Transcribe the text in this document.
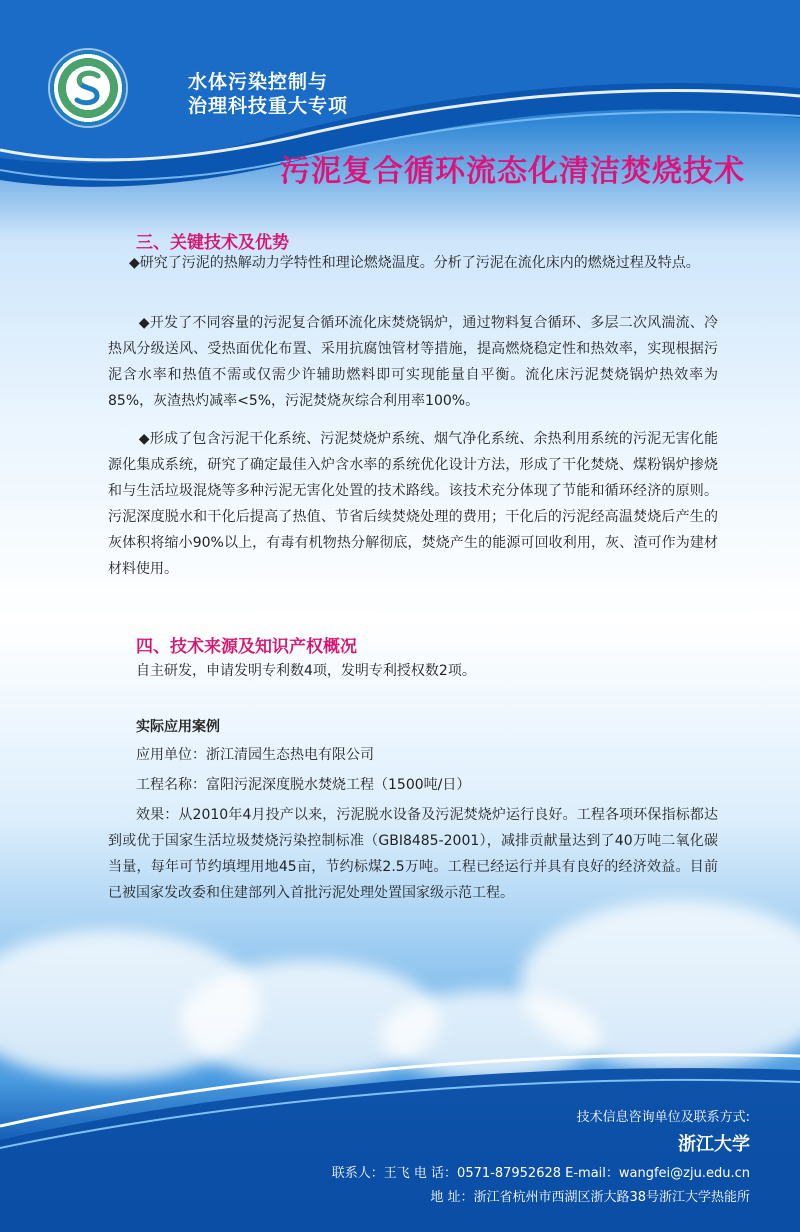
水体污染控制与
治理科技重大专项
污泥复合循环流态化清洁焚烧技术
三、关键技术及优势

◆研究了污泥的热解动力学特性和理论燃烧温度。分析了污泥在流化床内的燃烧过程及特点。

◆开发了不同容量的污泥复合循环流化床焚烧锅炉，通过物料复合循环、多层二次风湍流、冷热风分级送风、受热面优化布置、采用抗腐蚀管材等措施，提高燃烧稳定性和热效率，实现根据污泥含水率和热值不需或仅需少许辅助燃料即可实现能量自平衡。流化床污泥焚烧锅炉热效率为85%，灰渣热灼减率<5%，污泥焚烧灰综合利用率100%。

◆形成了包含污泥干化系统、污泥焚烧炉系统、烟气净化系统、余热利用系统的污泥无害化能源化集成系统，研究了确定最佳入炉含水率的系统优化设计方法，形成了干化焚烧、煤粉锅炉掺烧和与生活垃圾混烧等多种污泥无害化处置的技术路线。该技术充分体现了节能和循环经济的原则。污泥深度脱水和干化后提高了热值、节省后续焚烧处理的费用；干化后的污泥经高温焚烧后产生的灰体积将缩小90%以上，有毒有机物热分解彻底，焚烧产生的能源可回收利用，灰、渣可作为建材材料使用。

四、技术来源及知识产权概况

自主研发，申请发明专利数4项，发明专利授权数2项。

实际应用案例

应用单位：浙江清园生态热电有限公司

工程名称：富阳污泥深度脱水焚烧工程（1500吨/日）

效果：从2010年4月投产以来，污泥脱水设备及污泥焚烧炉运行良好。工程各项环保指标都达到或优于国家生活垃圾焚烧污染控制标准（GBI8485-2001），减排贡献量达到了40万吨二氧化碳当量，每年可节约填埋用地45亩，节约标煤2.5万吨。工程已经运行并具有良好的经济效益。目前已被国家发改委和住建部列入首批污泥处理处置国家级示范工程。

技术信息咨询单位及联系方式:
浙江大学
联系人：王飞 电 话：0571-87952628 E-mail：wangfei@zju.edu.cn
地 址：浙江省杭州市西湖区浙大路38号浙江大学热能所
